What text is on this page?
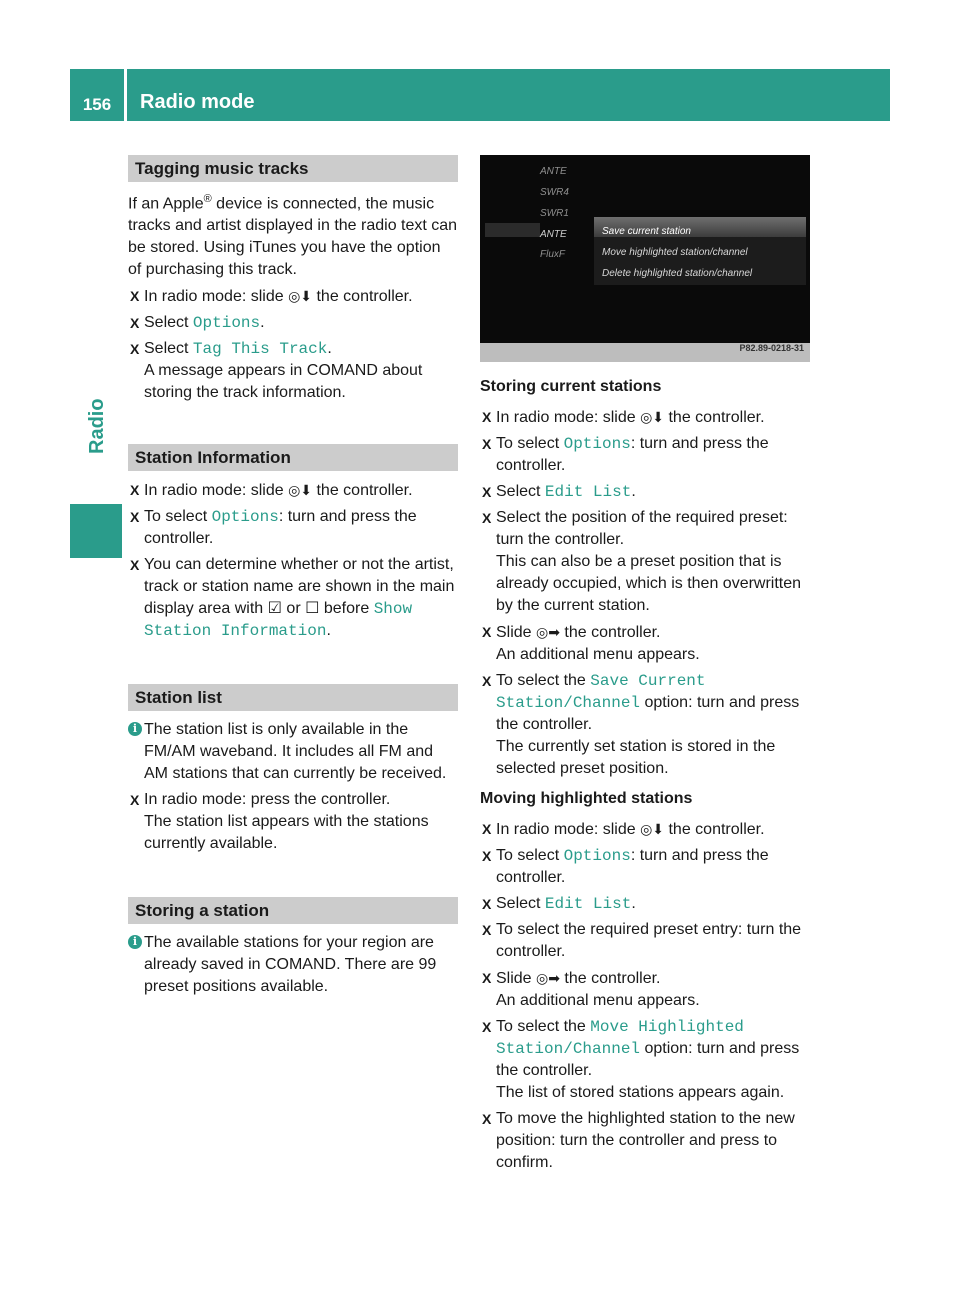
156	Radio mode
Radio
Tagging music tracks

If an Apple® device is connected, the music tracks and artist displayed in the radio text can be stored. Using iTunes you have the option of purchasing this track.

X In radio mode: slide ◎⬇ the controller.
X Select Options.
X Select Tag This Track.
A message appears in COMAND about storing the track information.
Station Information
X In radio mode: slide ◎⬇ the controller.
X To select Options: turn and press the controller.
X You can determine whether or not the artist, track or station name are shown in the main display area with ☑ or ☐ before Show Station Information.
Station list
i The station list is only available in the FM/AM waveband. It includes all FM and AM stations that can currently be received.
X In radio mode: press the controller.
The station list appears with the stations currently available.
Storing a station
i The available stations for your region are already saved in COMAND. There are 99 preset positions available.
ANTE
SWR4
SWR1
ANTE
FluxF
Save current station
Move highlighted station/channel
Delete highlighted station/channel
P82.89-0218-31

Storing current stations

X In radio mode: slide ◎⬇ the controller.
X To select Options: turn and press the controller.
X Select Edit List.
X Select the position of the required preset: turn the controller.
This can also be a preset position that is already occupied, which is then overwritten by the current station.
X Slide ◎➡ the controller.
An additional menu appears.
X To select the Save Current Station/Channel option: turn and press the controller.
The currently set station is stored in the selected preset position.

Moving highlighted stations

X In radio mode: slide ◎⬇ the controller.
X To select Options: turn and press the controller.
X Select Edit List.
X To select the required preset entry: turn the controller.
X Slide ◎➡ the controller.
An additional menu appears.
X To select the Move Highlighted Station/Channel option: turn and press the controller.
The list of stored stations appears again.
X To move the highlighted station to the new position: turn the controller and press to confirm.
